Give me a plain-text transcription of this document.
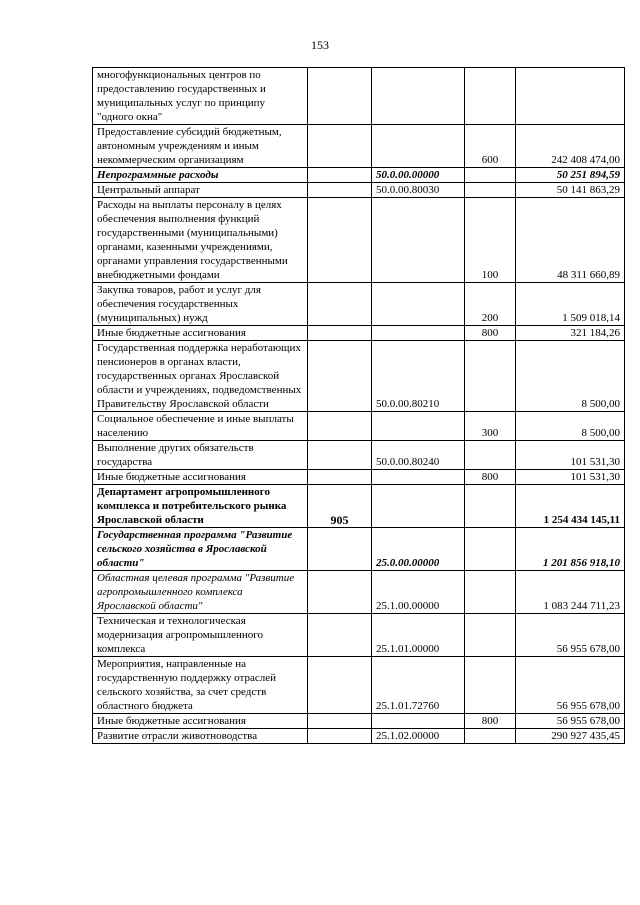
153
многофункциональных центров по предоставлению государственных и муниципальных услуг по принципу "одного окна"				
Предоставление субсидий бюджетным, автономным учреждениям и иным некоммерческим организациям			600	242 408 474,00
Непрограммные расходы		50.0.00.00000		50 251 894,59
Центральный аппарат		50.0.00.80030		50 141 863,29
Расходы на выплаты персоналу в целях обеспечения выполнения функций государственными (муниципальными) органами, казенными учреждениями, органами управления государственными внебюджетными фондами			100	48 311 660,89
Закупка товаров, работ и услуг для обеспечения государственных (муниципальных) нужд			200	1 509 018,14
Иные бюджетные ассигнования			800	321 184,26
Государственная поддержка неработающих пенсионеров в органах власти, государственных органах Ярославской области и учреждениях, подведомственных Правительству Ярославской области		50.0.00.80210		8 500,00
Социальное обеспечение и иные выплаты населению			300	8 500,00
Выполнение других обязательств государства		50.0.00.80240		101 531,30
Иные бюджетные ассигнования			800	101 531,30
Департамент агропромышленного комплекса и потребительского рынка Ярославской области	905			1 254 434 145,11
Государственная программа "Развитие сельского хозяйства в Ярославской области"		25.0.00.00000		1 201 856 918,10
Областная целевая программа "Развитие агропромышленного комплекса Ярославской области"		25.1.00.00000		1 083 244 711,23
Техническая и технологическая модернизация агропромышленного комплекса		25.1.01.00000		56 955 678,00
Мероприятия, направленные на государственную поддержку отраслей сельского хозяйства, за счет средств областного бюджета		25.1.01.72760		56 955 678,00
Иные бюджетные ассигнования			800	56 955 678,00
Развитие отрасли животноводства		25.1.02.00000		290 927 435,45
